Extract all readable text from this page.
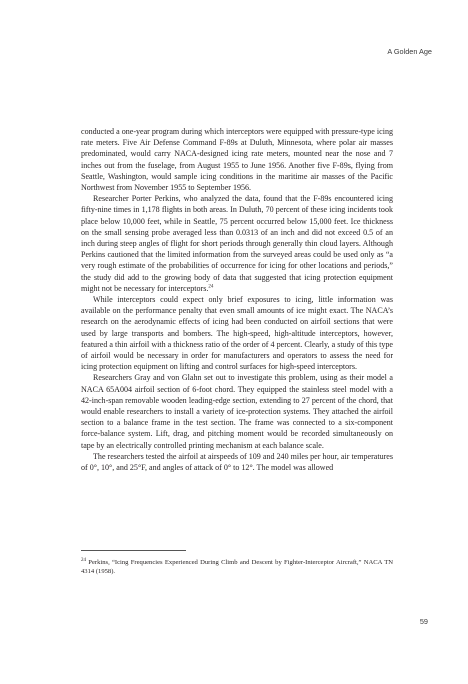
A Golden Age

conducted a one-year program during which interceptors were equipped with pressure-type icing rate meters. Five Air Defense Command F-89s at Duluth, Minnesota, where polar air masses predominated, would carry NACA-designed icing rate meters, mounted near the nose and 7 inches out from the fuselage, from August 1955 to June 1956. Another five F-89s, flying from Seattle, Washington, would sample icing conditions in the maritime air masses of the Pacific Northwest from November 1955 to September 1956.

Researcher Porter Perkins, who analyzed the data, found that the F-89s encountered icing fifty-nine times in 1,178 flights in both areas. In Duluth, 70 percent of these icing incidents took place below 10,000 feet, while in Seattle, 75 percent occurred below 15,000 feet. Ice thickness on the small sensing probe averaged less than 0.0313 of an inch and did not exceed 0.5 of an inch during steep angles of flight for short periods through generally thin cloud layers. Although Perkins cautioned that the limited information from the surveyed areas could be used only as “a very rough estimate of the probabilities of occurrence for icing for other locations and periods,” the study did add to the growing body of data that suggested that icing protection equipment might not be necessary for interceptors.$^{24}$

While interceptors could expect only brief exposures to icing, little information was available on the performance penalty that even small amounts of ice might exact. The NACA’s research on the aerodynamic effects of icing had been conducted on airfoil sections that were used by large transports and bombers. The high-speed, high-altitude interceptors, however, featured a thin airfoil with a thickness ratio of the order of 4 percent. Clearly, a study of this type of airfoil would be necessary in order for manufacturers and operators to assess the need for icing protection equipment on lifting and control surfaces for high-speed interceptors.

Researchers Gray and von Glahn set out to investigate this problem, using as their model a NACA 65A004 airfoil section of 6-foot chord. They equipped the stainless steel model with a 42-inch-span removable wooden leading-edge section, extending to 27 percent of the chord, that would enable researchers to install a variety of ice-protection systems. They attached the airfoil section to a balance frame in the test section. The frame was connected to a six-component force-balance system. Lift, drag, and pitching moment would be recorded simultaneously on tape by an electrically controlled printing mechanism at each balance scale.

The researchers tested the airfoil at airspeeds of 109 and 240 miles per hour, air temperatures of 0°, 10°, and 25°F, and angles of attack of 0° to 12°. The model was allowed

$^{24}$ Perkins, “Icing Frequencies Experienced During Climb and Descent by Fighter-Interceptor Aircraft,” NACA TN 4314 (1958).
59
